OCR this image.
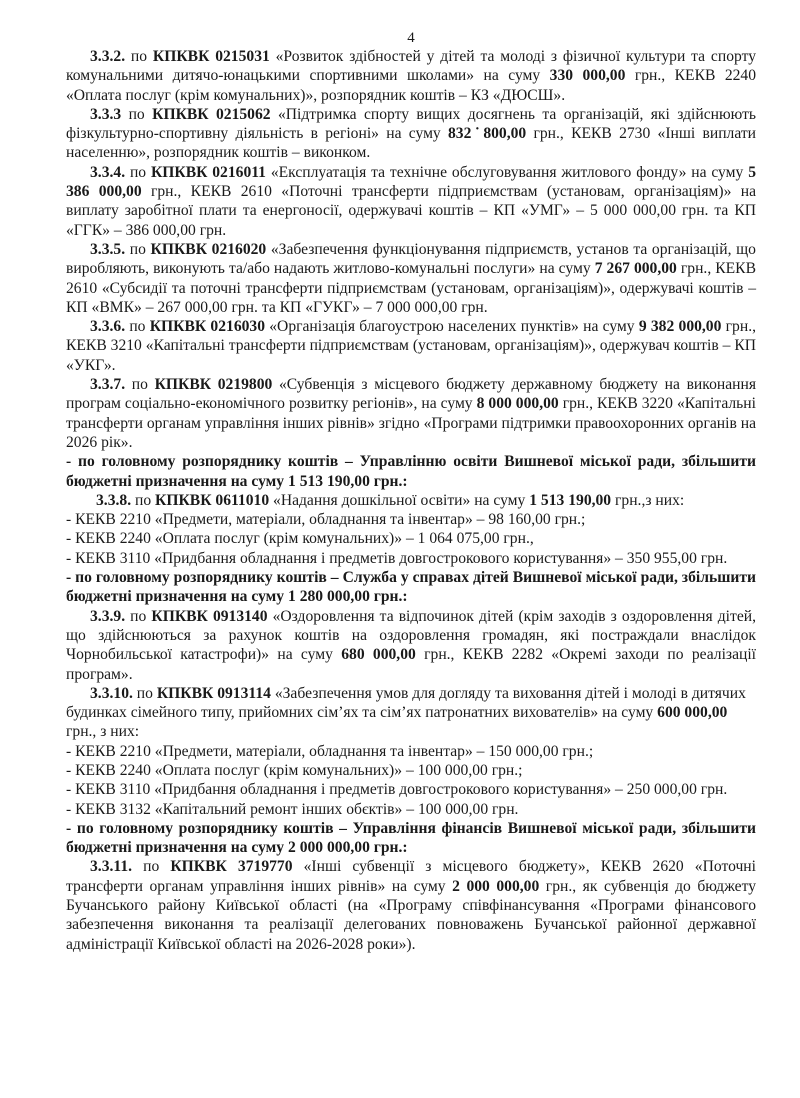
4

3.3.2. по КПКВК 0215031 «Розвиток здібностей у дітей та молоді з фізичної культури та спорту комунальними дитячо-юнацькими спортивними школами» на суму 330 000,00 грн., КЕКВ 2240 «Оплата послуг (крім комунальних)», розпорядник коштів – КЗ «ДЮСШ».

3.3.3 по КПКВК 0215062 «Підтримка спорту вищих досягнень та організацій, які здійснюють фізкультурно-спортивну діяльність в регіоні» на суму 832˙800,00 грн., КЕКВ 2730 «Інші виплати населенню», розпорядник коштів – виконком.

3.3.4. по КПКВК 0216011 «Експлуатація та технічне обслуговування житлового фонду» на суму 5 386 000,00 грн., КЕКВ 2610 «Поточні трансферти підприємствам (установам, організаціям)» на виплату заробітної плати та енергоносії, одержувачі коштів – КП «УМГ» – 5 000 000,00 грн. та КП «ГГК» – 386 000,00 грн.

3.3.5. по КПКВК 0216020 «Забезпечення функціонування підприємств, установ та організацій, що виробляють, виконують та/або надають житлово-комунальні послуги» на суму 7 267 000,00 грн., КЕКВ 2610 «Субсидії та поточні трансферти підприємствам (установам, організаціям)», одержувачі коштів – КП «ВМК» – 267 000,00 грн. та КП «ГУКГ» – 7 000 000,00 грн.

3.3.6. по КПКВК 0216030 «Організація благоустрою населених пунктів» на суму 9 382 000,00 грн., КЕКВ 3210 «Капітальні трансферти підприємствам (установам, організаціям)», одержувач коштів – КП «УКГ».

3.3.7. по КПКВК 0219800 «Субвенція з місцевого бюджету державному бюджету на виконання програм соціально-економічного розвитку регіонів», на суму 8 000 000,00 грн., КЕКВ 3220 «Капітальні трансферти органам управління інших рівнів» згідно «Програми підтримки правоохоронних органів на 2026 рік».

- по головному розпоряднику коштів – Управлінню освіти Вишневої міської ради, збільшити бюджетні призначення на суму 1 513 190,00 грн.:

3.3.8. по КПКВК 0611010 «Надання дошкільної освіти» на суму 1 513 190,00 грн.,з них:

- КЕКВ 2210 «Предмети, матеріали, обладнання та інвентар» – 98 160,00 грн.;

- КЕКВ 2240 «Оплата послуг (крім комунальних)» – 1 064 075,00 грн.,

- КЕКВ 3110 «Придбання обладнання і предметів довгострокового користування» – 350 955,00 грн.

- по головному розпоряднику коштів – Служба у справах дітей Вишневої міської ради, збільшити бюджетні призначення на суму 1 280 000,00 грн.:

3.3.9. по КПКВК 0913140 «Оздоровлення та відпочинок дітей (крім заходів з оздоровлення дітей, що здійснюються за рахунок коштів на оздоровлення громадян, які постраждали внаслідок Чорнобильської катастрофи)» на суму 680 000,00 грн., КЕКВ 2282 «Окремі заходи по реалізації програм».

3.3.10. по КПКВК 0913114 «Забезпечення умов для догляду та виховання дітей і молоді в дитячих будинках сімейного типу, прийомних сім’ях та сім’ях патронатних вихователів» на суму 600 000,00 грн., з них:

- КЕКВ 2210 «Предмети, матеріали, обладнання та інвентар» – 150 000,00 грн.;

- КЕКВ 2240 «Оплата послуг (крім комунальних)» – 100 000,00 грн.;

- КЕКВ 3110 «Придбання обладнання і предметів довгострокового користування» – 250 000,00 грн.

- КЕКВ 3132 «Капітальний ремонт інших обєктів» – 100 000,00 грн.

- по головному розпоряднику коштів – Управління фінансів Вишневої міської ради, збільшити бюджетні призначення на суму 2 000 000,00 грн.:

3.3.11. по КПКВК 3719770 «Інші субвенції з місцевого бюджету», КЕКВ 2620 «Поточні трансферти органам управління інших рівнів» на суму 2 000 000,00 грн., як субвенція до бюджету Бучанського району Київської області (на «Програму співфінансування «Програми фінансового забезпечення виконання та реалізації делегованих повноважень Бучанської районної державної адміністрації Київської області на 2026-2028 роки»).
